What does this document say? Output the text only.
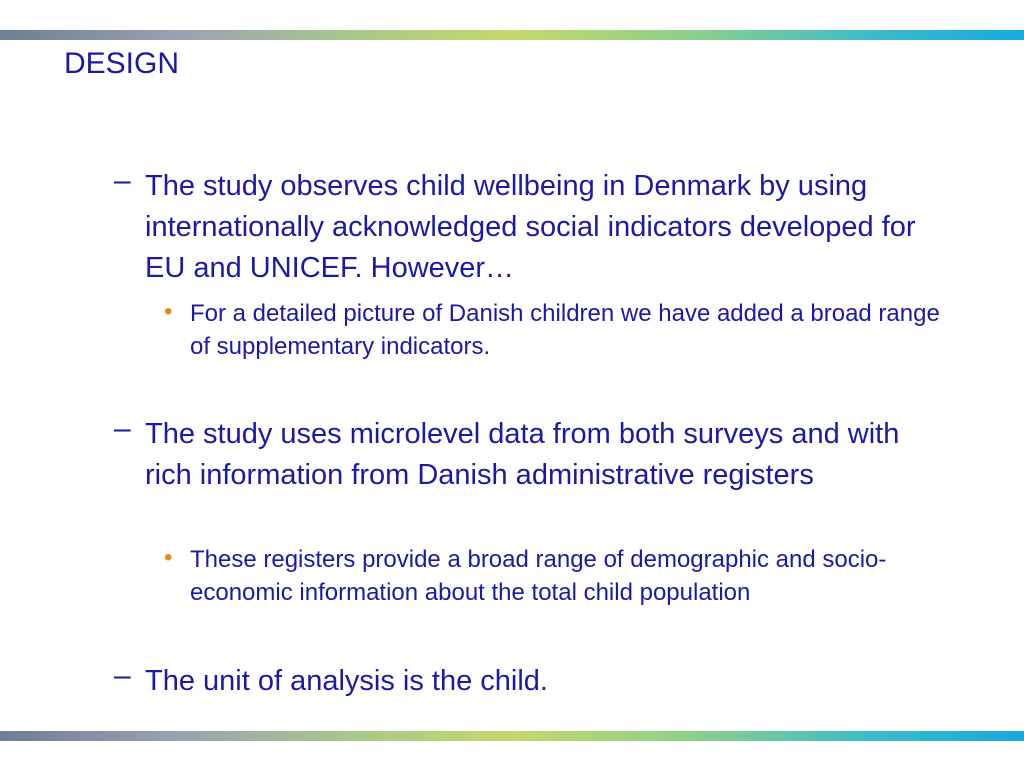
DESIGN
– The study observes child wellbeing in Denmark by using internationally acknowledged social indicators developed for EU and UNICEF. However…
• For a detailed picture of Danish children we have added a broad range of supplementary indicators.
– The study uses microlevel data from both surveys and with rich information from Danish administrative registers
• These registers provide a broad range of demographic and socio-economic information about the total child population
– The unit of analysis is the child.
